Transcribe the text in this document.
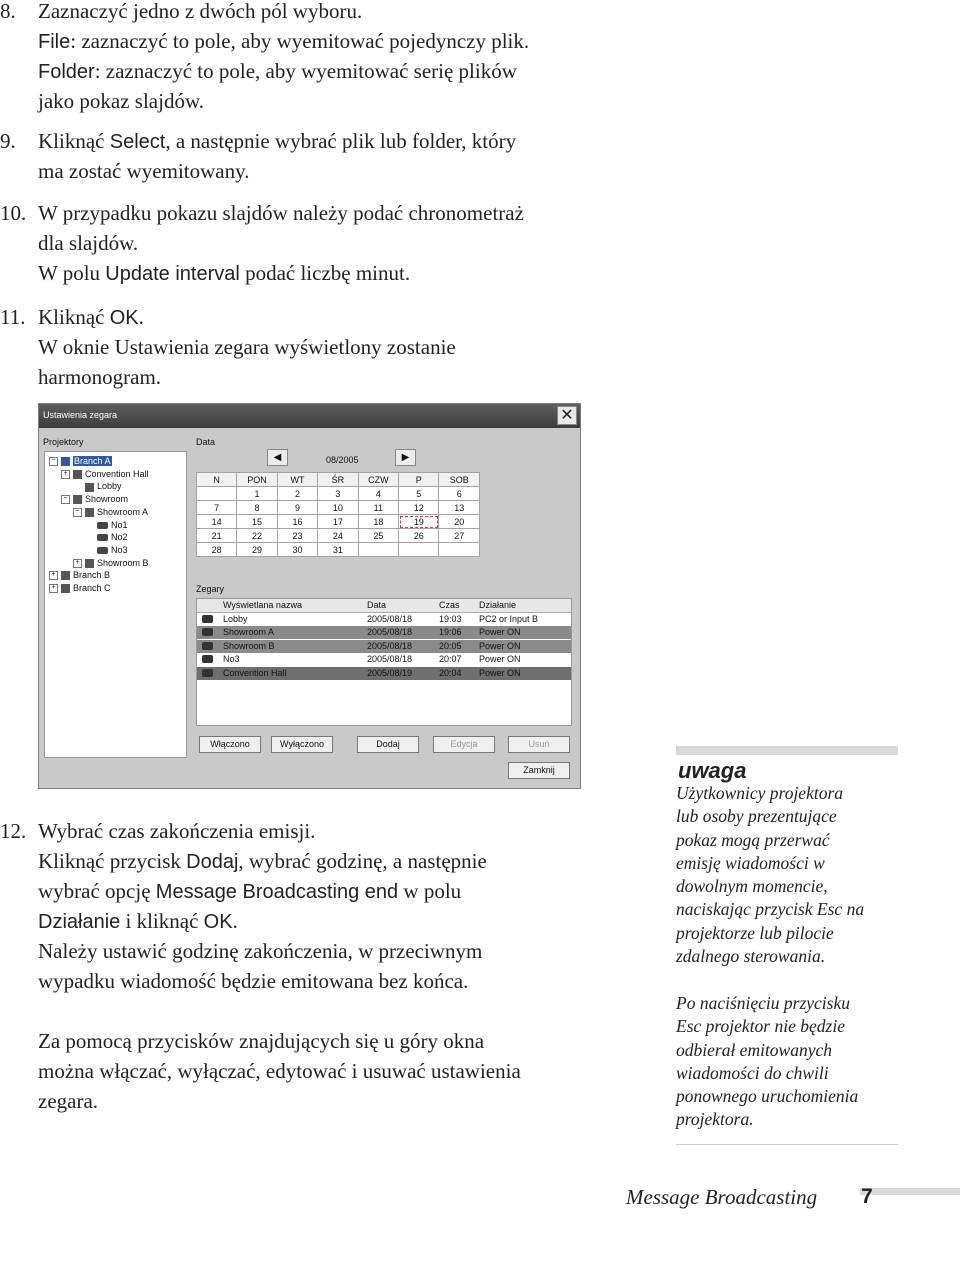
8.	Zaznaczyć jedno z dwóch pól wyboru.
File: zaznaczyć to pole, aby wyemitować pojedynczy plik.
Folder: zaznaczyć to pole, aby wyemitować serię plików
jako pokaz slajdów.
9.	Kliknąć Select, a następnie wybrać plik lub folder, który
ma zostać wyemitowany.
10. W przypadku pokazu slajdów należy podać chronometraż
dla slajdów.
W polu Update interval podać liczbę minut.
11. Kliknąć OK.
W oknie Ustawienia zegara wyświetlony zostanie
harmonogram.
12. Wybrać czas zakończenia emisji.
Kliknąć przycisk Dodaj, wybrać godzinę, a następnie
wybrać opcję Message Broadcasting end w polu
Działanie i kliknąć OK.
Należy ustawić godzinę zakończenia, w przeciwnym
wypadku wiadomość będzie emitowana bez końca.
Za pomocą przycisków znajdujących się u góry okna
można włączać, wyłączać, edytować i usuwać ustawienia
zegara.
Ustawienia zegara	✕
Projektory
− Branch A
+ Convention Hall
Lobby
− Showroom
− Showroom A
No1
No2
No3
+ Showroom B
+ Branch B
+ Branch C
Data
◀	08/2005	▶
N	PON	WT	ŚR	CZW	P	SOB
	1	2	3	4	5	6
7	8	9	10	11	12	13
14	15	16	17	18	19	20
21	22	23	24	25	26	27
28	29	30	31			
Zegary
Wyświetlana nazwa	Data	Czas Działanie
Lobby	2005/08/18	19:03 PC2 or Input B
Showroom A	2005/08/18	19:06 Power ON
Showroom B	2005/08/18	20:05 Power ON
No3	2005/08/18	20:07 Power ON
Convention Hall	2005/08/19	20:04 Power ON
Włączono	Wyłączono	Dodaj	Edycja	Usuń
Zamknij	uwaga
Użytkownicy projektora
lub osoby prezentujące
pokaz mogą przerwać
emisję wiadomości w
dowolnym momencie,
naciskając przycisk Esc na
projektorze lub pilocie
zdalnego sterowania.
Po naciśnięciu przycisku
Esc projektor nie będzie
odbierał emitowanych
wiadomości do chwili
ponownego uruchomienia
projektora.
Message Broadcasting 7
